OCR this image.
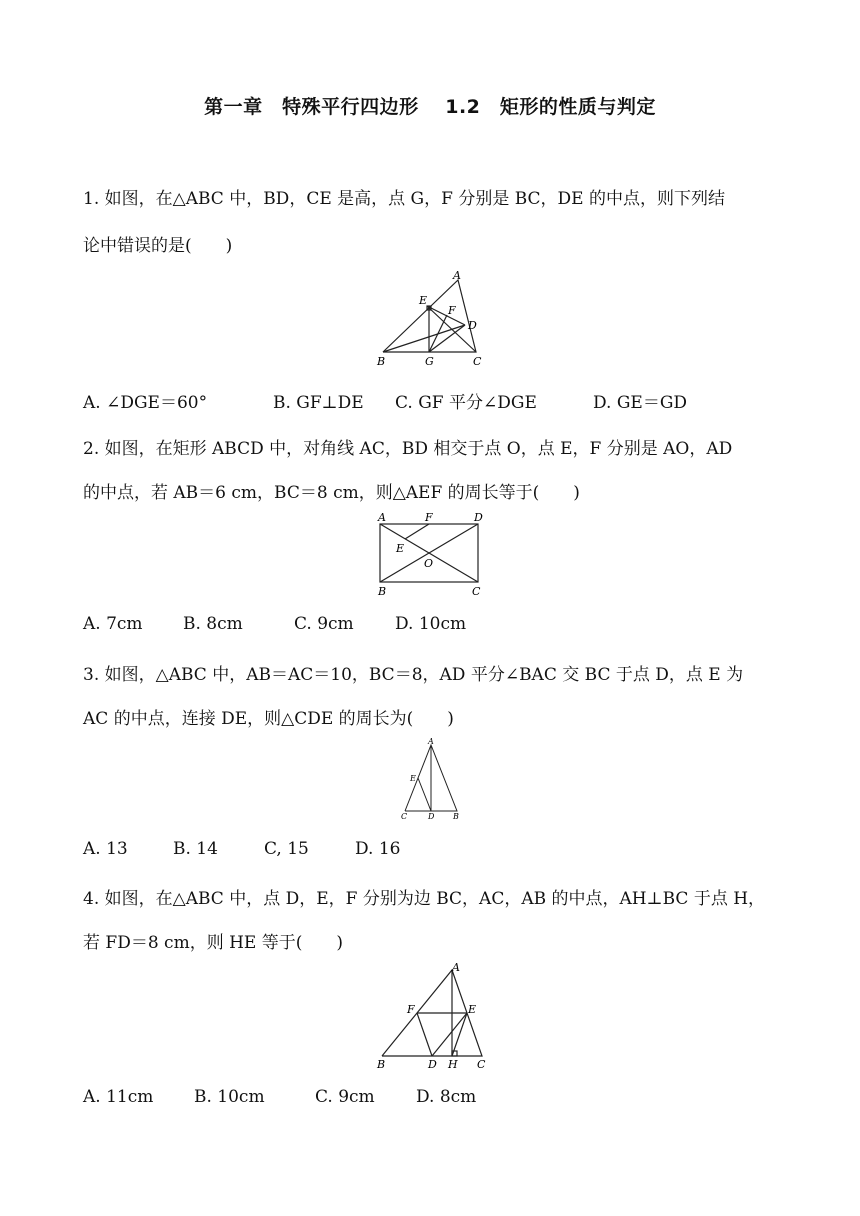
第一章　特殊平行四边形　 1.2　矩形的性质与判定
1. 如图，在△ABC 中，BD，CE 是高，点 G，F 分别是 BC，DE 的中点，则下列结
论中错误的是(　　)
A
E
F
D
B	G	C
A. ∠DGE＝60°	B. GF⊥DE C. GF 平分∠DGE	D. GE＝GD
2. 如图，在矩形 ABCD 中，对角线 AC，BD 相交于点 O，点 E，F 分别是 AO，AD
的中点，若 AB＝6 cm，BC＝8 cm，则△AEF 的周长等于(　　)
A	F	D
E
O
B	C
A. 7cm B. 8cm	C. 9cm D. 10cm
3. 如图，△ABC 中，AB＝AC＝10，BC＝8，AD 平分∠BAC 交 BC 于点 D，点 E 为
AC 的中点，连接 DE，则△CDE 的周长为(　　)
A
E
C	D B
A. 13	B. 14	C, 15	D. 16
4. 如图，在△ABC 中，点 D，E，F 分别为边 BC，AC，AB 的中点，AH⊥BC 于点 H，
若 FD＝8 cm，则 HE 等于(　　)
A
F	E
B	D H C
A. 11cm B. 10cm	C. 9cm D. 8cm
